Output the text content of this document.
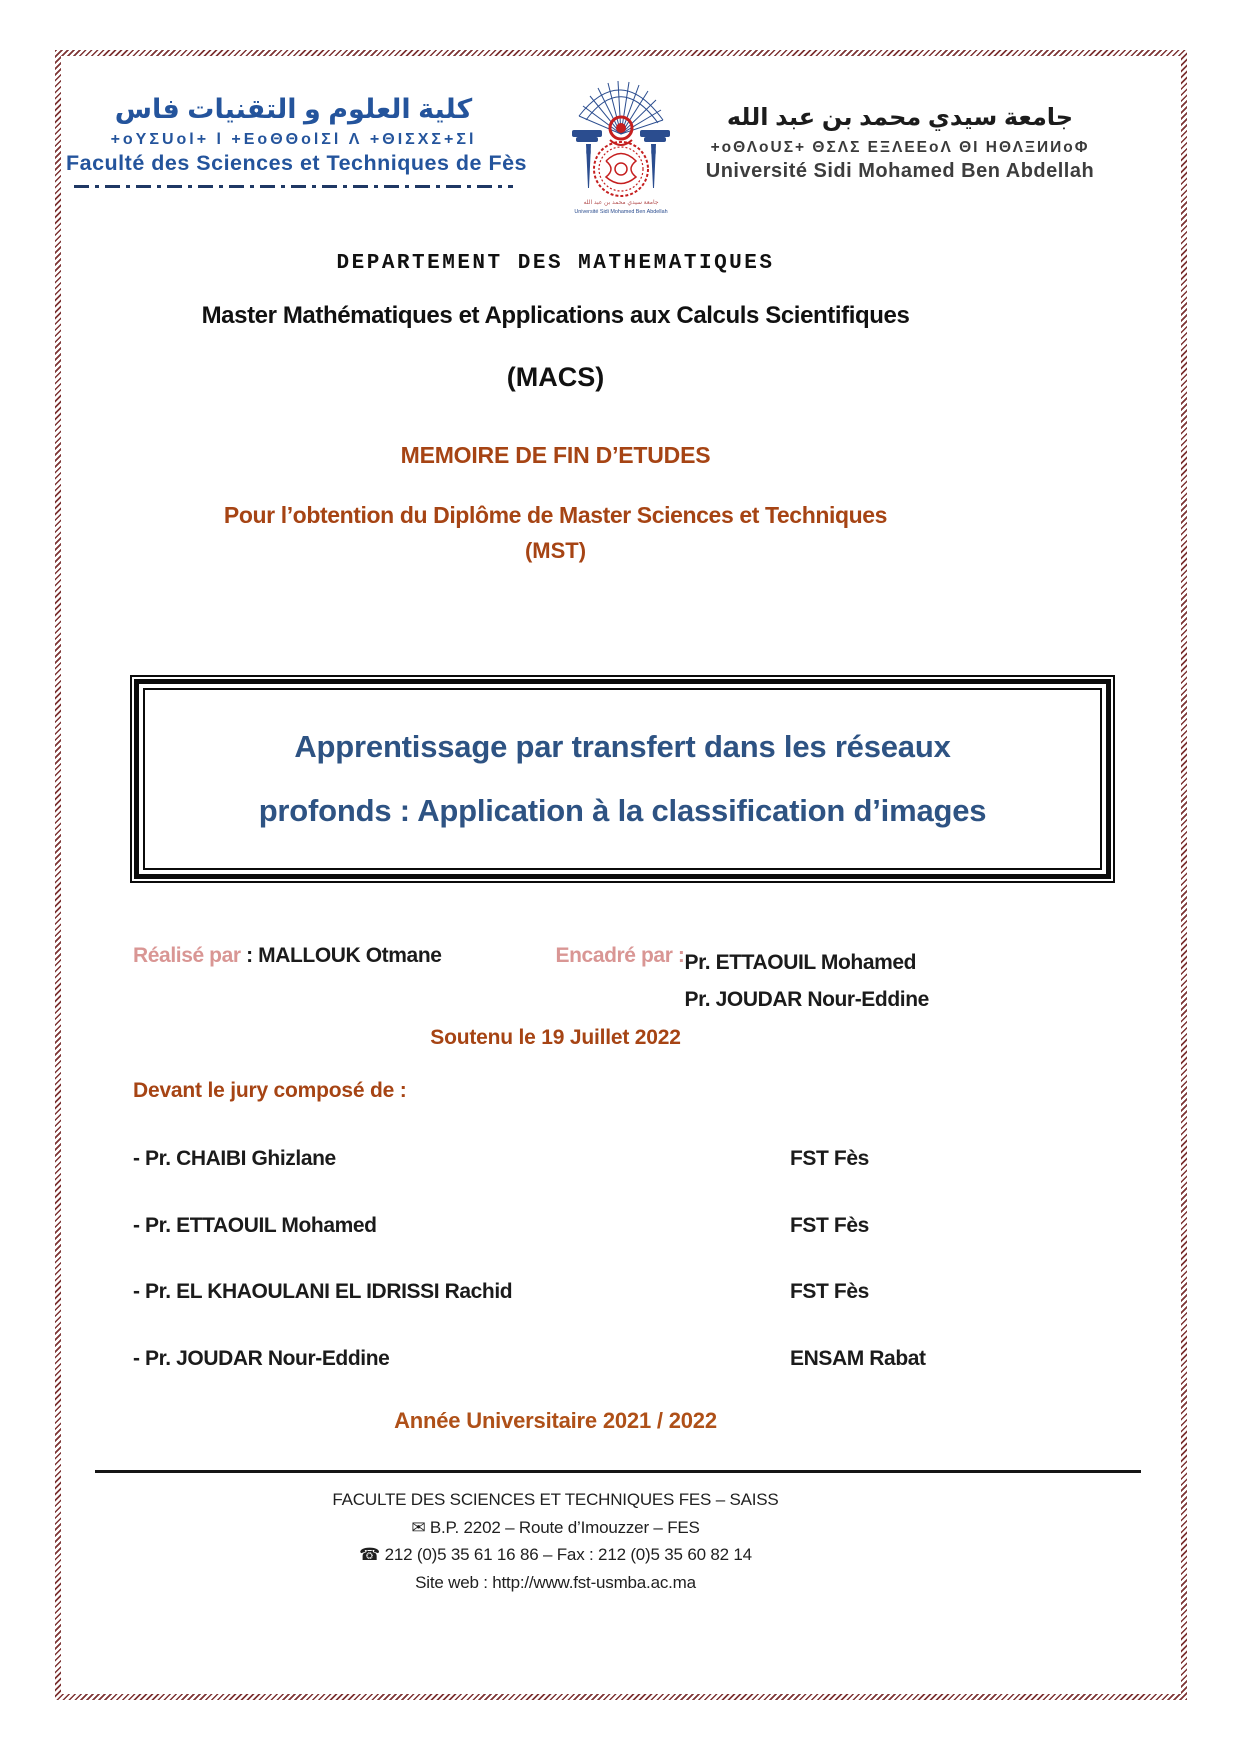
كلية العلوم و التقنيات فاس
+oYΣUol+ l +ΕoΘΘolΣl Λ +ΘΙΣΧΣ+Σl
Faculté des Sciences et Techniques de Fès
جامعة سيدي محمد بن عبد الله
Université Sidi Mohamed Ben Abdellah
جامعة سيدي محمد بن عبد الله
+oΘΛoUΣ+ ΘΣΛΣ ΕΞΛΕΕoΛ ΘΙ ΗΘΛΞИИoΦ
Université Sidi Mohamed Ben Abdellah
DEPARTEMENT DES MATHEMATIQUES
Master Mathématiques et Applications aux Calculs Scientifiques
(MACS)
MEMOIRE DE FIN D’ETUDES
Pour l’obtention du Diplôme de Master Sciences et Techniques
(MST)
Apprentissage par transfert dans les réseaux
profonds : Application à la classification d’images
Réalisé par : MALLOUK Otmane	Encadré par : Pr. ETTAOUIL Mohamed
Pr. JOUDAR Nour-Eddine
Soutenu le 19 Juillet 2022
Devant le jury composé de :
- Pr. CHAIBI Ghizlane	FST Fès
- Pr. ETTAOUIL Mohamed	FST Fès
- Pr. EL KHAOULANI EL IDRISSI Rachid	FST Fès
- Pr. JOUDAR Nour-Eddine	ENSAM Rabat
Année Universitaire 2021 / 2022
FACULTE DES SCIENCES ET TECHNIQUES FES – SAISS
✉ B.P. 2202 – Route d’Imouzzer – FES
☎ 212 (0)5 35 61 16 86 – Fax : 212 (0)5 35 60 82 14
Site web : http://www.fst-usmba.ac.ma
